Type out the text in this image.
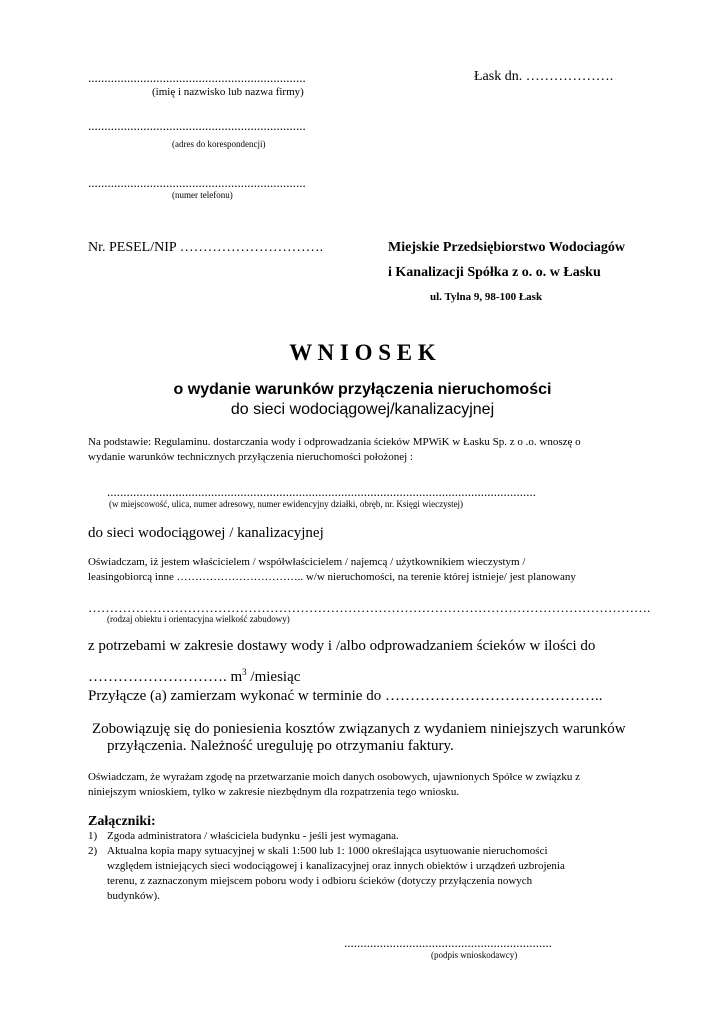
...................................................................
(imię i nazwisko lub nazwa firmy)
Łask dn. ……………….
...................................................................
(adres do korespondencji)
...................................................................
(numer telefonu)
Nr. PESEL/NIP ………………………….	Miejskie Przedsiębiorstwo Wodociagów
i Kanalizacji Spółka z o. o. w Łasku
ul. Tylna 9, 98-100 Łask
W N I O S E K
o wydanie warunków przyłączenia nieruchomości
do sieci wodociągowej/kanalizacyjnej
Na podstawie: Regulaminu. dostarczania wody i odprowadzania ścieków MPWiK w Łasku Sp. z o .o. wnoszę o
wydanie warunków technicznych przyłączenia nieruchomości położonej :
....................................................................................................................................
(w miejscowość, ulica, numer adresowy, numer ewidencyjny działki, obręb, nr. Księgi wieczystej)
do sieci wodociągowej / kanalizacyjnej
Oświadczam, iż jestem właścicielem / współwłaścicielem / najemcą / użytkownikiem wieczystym /
leasingobiorcą inne …………………………….. w/w nieruchomości, na terenie której istnieje/ jest planowany
………………………………………………………………………………………………………………….
(rodzaj obiektu i orientacyjna wielkość zabudowy)
z potrzebami w zakresie dostawy wody i /albo odprowadzaniem ścieków w ilości do
………………………. $m^3$ /miesiąc
Przyłącze (a) zamierzam wykonać w terminie do ……………………………………..
Zobowiązuję się do poniesienia kosztów związanych z wydaniem niniejszych warunków
przyłączenia. Należność ureguluję po otrzymaniu faktury.
Oświadczam, że wyrażam zgodę na przetwarzanie moich danych osobowych, ujawnionych Spółce w związku z
niniejszym wnioskiem, tylko w zakresie niezbędnym dla rozpatrzenia tego wniosku.
Załączniki:
1) Zgoda administratora / właściciela budynku - jeśli jest wymagana.
2) Aktualna kopia mapy sytuacyjnej w skali 1:500 lub 1: 1000 określająca usytuowanie nieruchomości
względem istniejących sieci wodociągowej i kanalizacyjnej oraz innych obiektów i urządzeń uzbrojenia
terenu, z zaznaczonym miejscem poboru wody i odbioru ścieków (dotyczy przyłączenia nowych
budynków).
................................................................
(podpis wnioskodawcy)
